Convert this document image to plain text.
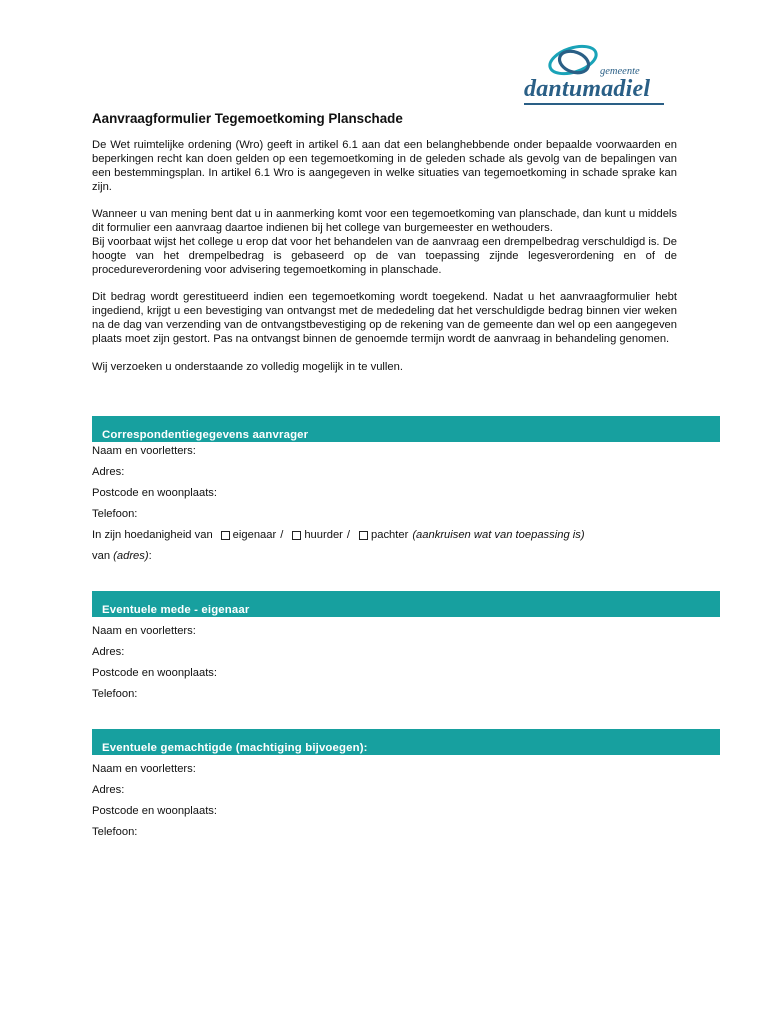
gemeente
dantumadiel
Aanvraagformulier Tegemoetkoming Planschade

De Wet ruimtelijke ordening (Wro) geeft in artikel 6.1 aan dat een belanghebbende onder bepaalde voorwaarden en beperkingen recht kan doen gelden op een tegemoetkoming in de geleden schade als gevolg van de bepalingen van een bestemmingsplan. In artikel 6.1 Wro is aangegeven in welke situaties van tegemoetkoming in schade sprake kan zijn.

Wanneer u van mening bent dat u in aanmerking komt voor een tegemoetkoming van planschade, dan kunt u middels dit formulier een aanvraag daartoe indienen bij het college van burgemeester en wethouders.
Bij voorbaat wijst het college u erop dat voor het behandelen van de aanvraag een drempelbedrag verschuldigd is. De hoogte van het drempelbedrag is gebaseerd op de van toepassing zijnde legesverordening en of de procedureverordening voor advisering tegemoetkoming in planschade.

Dit bedrag wordt gerestitueerd indien een tegemoetkoming wordt toegekend. Nadat u het aanvraagformulier hebt ingediend, krijgt u een bevestiging van ontvangst met de mededeling dat het verschuldigde bedrag binnen vier weken na de dag van verzending van de ontvangstbevestiging op de rekening van de gemeente dan wel op een aangegeven plaats moet zijn gestort. Pas na ontvangst binnen de genoemde termijn wordt de aanvraag in behandeling genomen.

Wij verzoeken u onderstaande zo volledig mogelijk in te vullen.

Correspondentiegegevens aanvrager
Naam en voorletters:
Adres:
Postcode en woonplaats:
Telefoon:
In zijn hoedanigheid van eigenaar / huurder / pachter (aankruisen wat van toepassing is)
van (adres):
Eventuele mede - eigenaar
Naam en voorletters:
Adres:
Postcode en woonplaats:
Telefoon:
Eventuele gemachtigde (machtiging bijvoegen):
Naam en voorletters:
Adres:
Postcode en woonplaats:
Telefoon:
